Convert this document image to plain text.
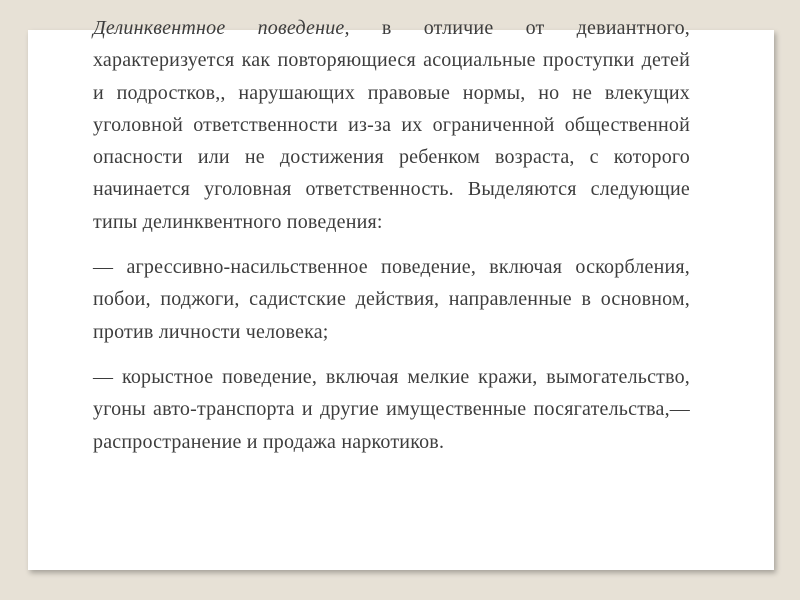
Делинквентное поведение, в отличие от девиантного, характеризуется как повторяющиеся асоциальные проступки детей и подростков,, нарушающих правовые нормы, но не влекущих уголовной ответственности из-за их ограниченной общественной опасности или не достижения ребенком возраста, с которого начинается уголовная ответственность. Выделяются следующие типы делинквентного поведения:

— агрессивно-насильственное поведение, включая оскорбления, побои, поджоги, садистские действия, направленные в основном, против личности человека;

— корыстное поведение, включая мелкие кражи, вымогательство, угоны авто-транспорта и другие имущественные посягательства,— распространение и продажа наркотиков.
